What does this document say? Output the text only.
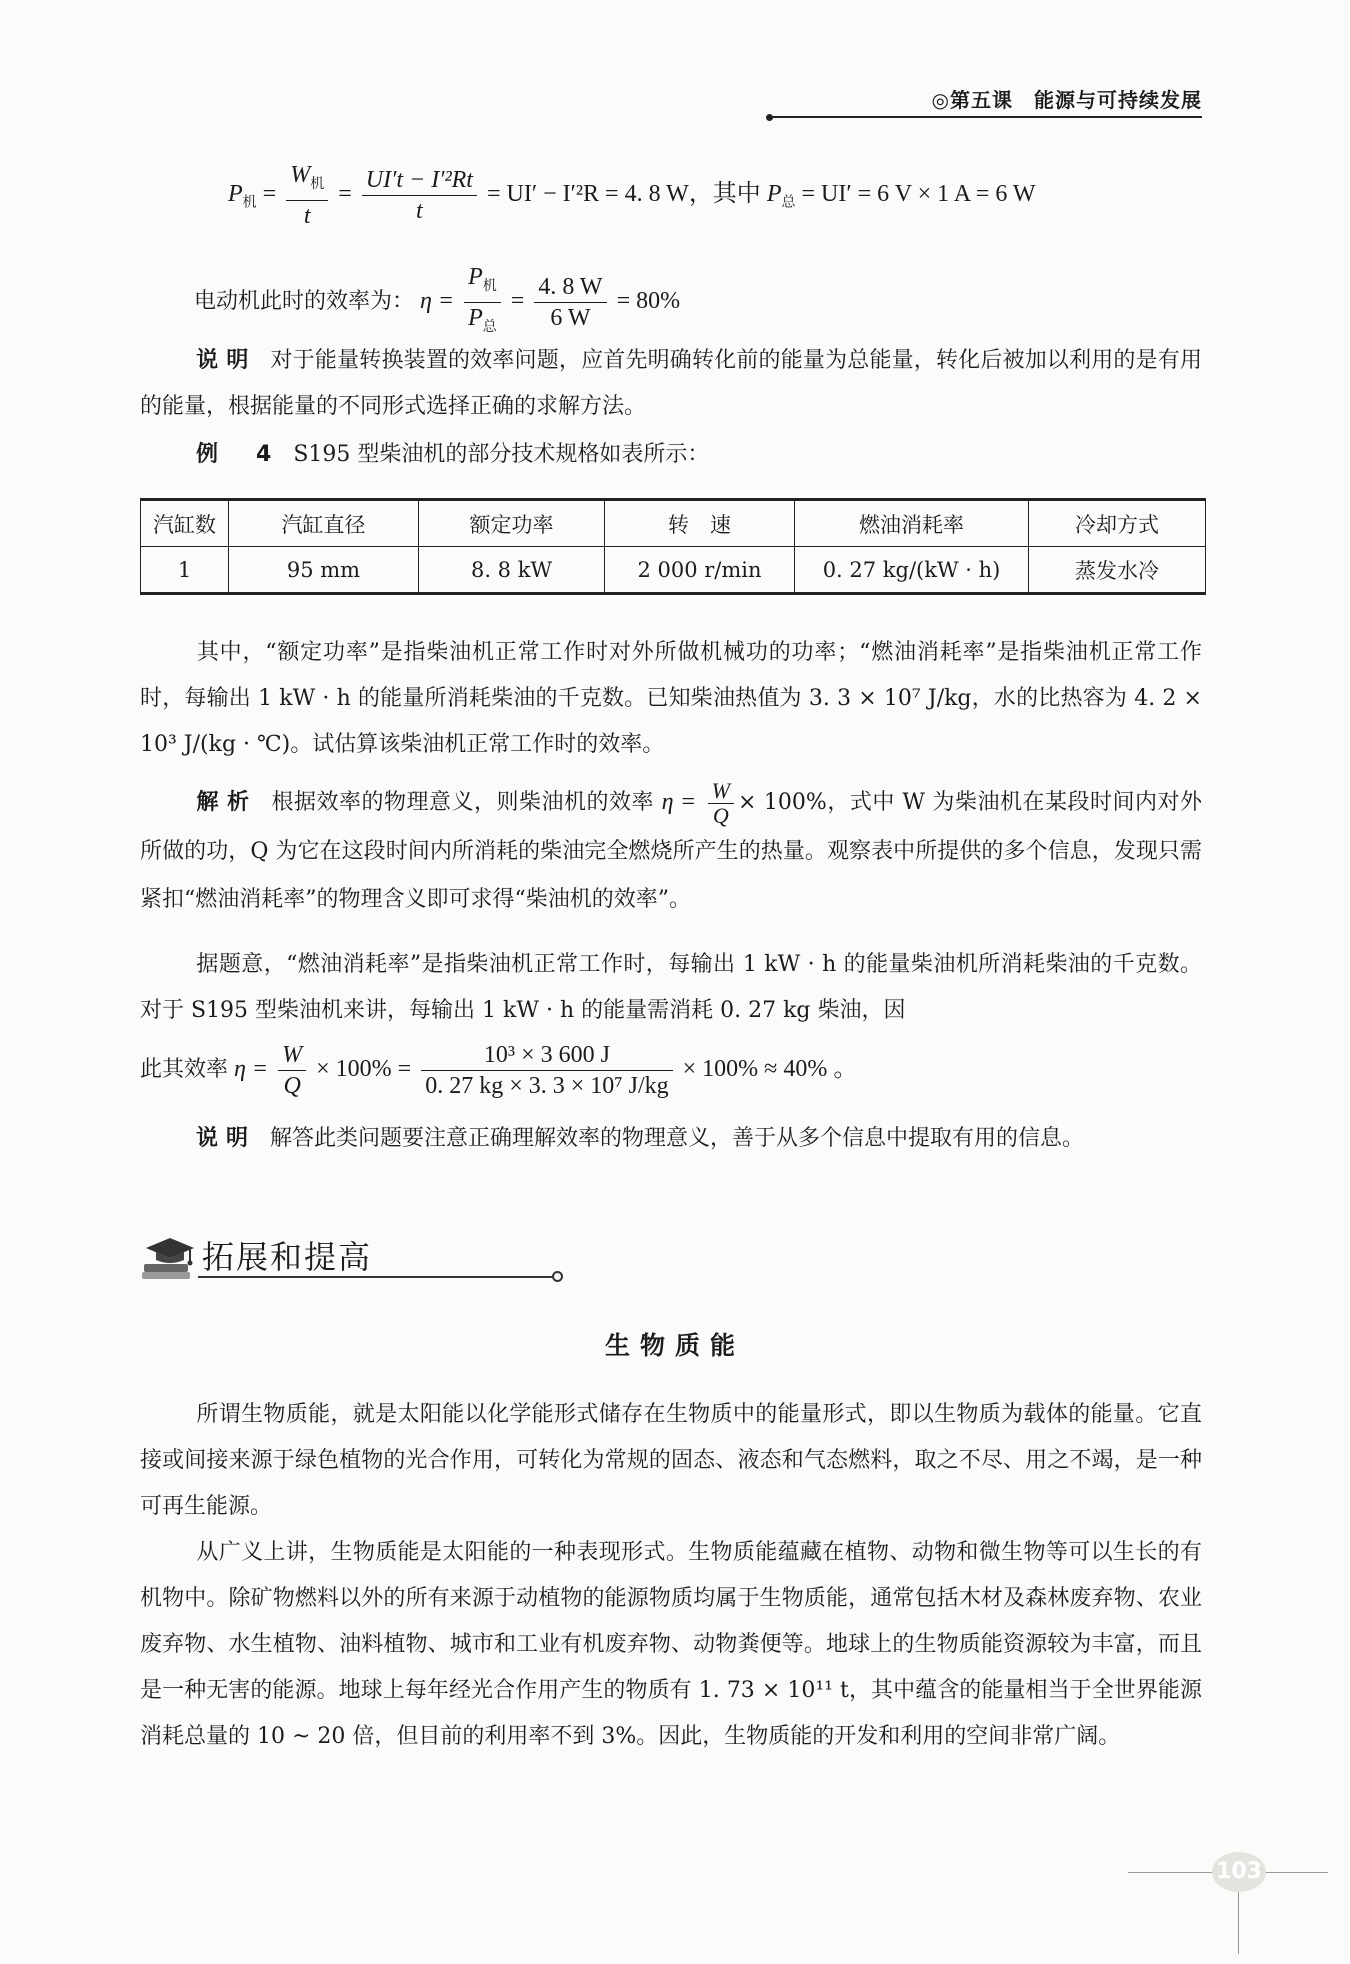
◎第五课　能源与可持续发展
$P_机 = \frac{W_机}{t} = \frac{\text{UI′t − I′²Rt}}{t} = UI' - I'^2R = 4$. 8 W，其中 $P_总 = UI' = 6$ V × 1 A = 6 W
电动机此时的效率为： $\eta = \frac{P_机}{P_总} = \frac{4. 8 W}{6 W} = 80\%$
说明 对于能量转换装置的效率问题，应首先明确转化前的能量为总能量，转化后被加以利用的是有用的能量，根据能量的不同形式选择正确的求解方法。
例　4 S195 型柴油机的部分技术规格如表所示：
汽缸数	汽缸直径	额定功率	转　速	燃油消耗率	冷却方式
1	95 mm	8. 8 kW	2 000 r/min	0. 27 kg/(kW · h)	蒸发水冷
其中，“额定功率”是指柴油机正常工作时对外所做机械功的功率；“燃油消耗率”是指柴油机正常工作时，每输出 1 kW · h 的能量所消耗柴油的千克数。已知柴油热值为 3. 3 × 10⁷ J/kg，水的比热容为 4. 2 × 10³ J/(kg · ℃)。试估算该柴油机正常工作时的效率。
解析 根据效率的物理意义，则柴油机的效率 $\eta = \frac{W}{Q} \times 100\%$，式中 W 为柴油机在某段时间内对外所做的功，Q 为它在这段时间内所消耗的柴油完全燃烧所产生的热量。观察表中所提供的多个信息，发现只需紧扣“燃油消耗率”的物理含义即可求得“柴油机的效率”。
据题意，“燃油消耗率”是指柴油机正常工作时，每输出 1 kW · h 的能量柴油机所消耗柴油的千克数。对于 S195 型柴油机来讲，每输出 1 kW · h 的能量需消耗 0. 27 kg 柴油，因
此其效率 $\eta = \frac{W}{Q} \times 100\% = \frac{\text{10³ × 3 600 J}}{\text{0. 27 kg × 3. 3 × 10⁷ J/kg}} \times 100\% \approx 40\%$ 。
说明 解答此类问题要注意正确理解效率的物理意义，善于从多个信息中提取有用的信息。
拓展和提高
生物质能
所谓生物质能，就是太阳能以化学能形式储存在生物质中的能量形式，即以生物质为载体的能量。它直接或间接来源于绿色植物的光合作用，可转化为常规的固态、液态和气态燃料，取之不尽、用之不竭，是一种可再生能源。
从广义上讲，生物质能是太阳能的一种表现形式。生物质能蕴藏在植物、动物和微生物等可以生长的有机物中。除矿物燃料以外的所有来源于动植物的能源物质均属于生物质能，通常包括木材及森林废弃物、农业废弃物、水生植物、油料植物、城市和工业有机废弃物、动物粪便等。地球上的生物质能资源较为丰富，而且是一种无害的能源。地球上每年经光合作用产生的物质有 1. 73 × 10¹¹ t，其中蕴含的能量相当于全世界能源消耗总量的 10 ~ 20 倍，但目前的利用率不到 3%。因此，生物质能的开发和利用的空间非常广阔。
103
